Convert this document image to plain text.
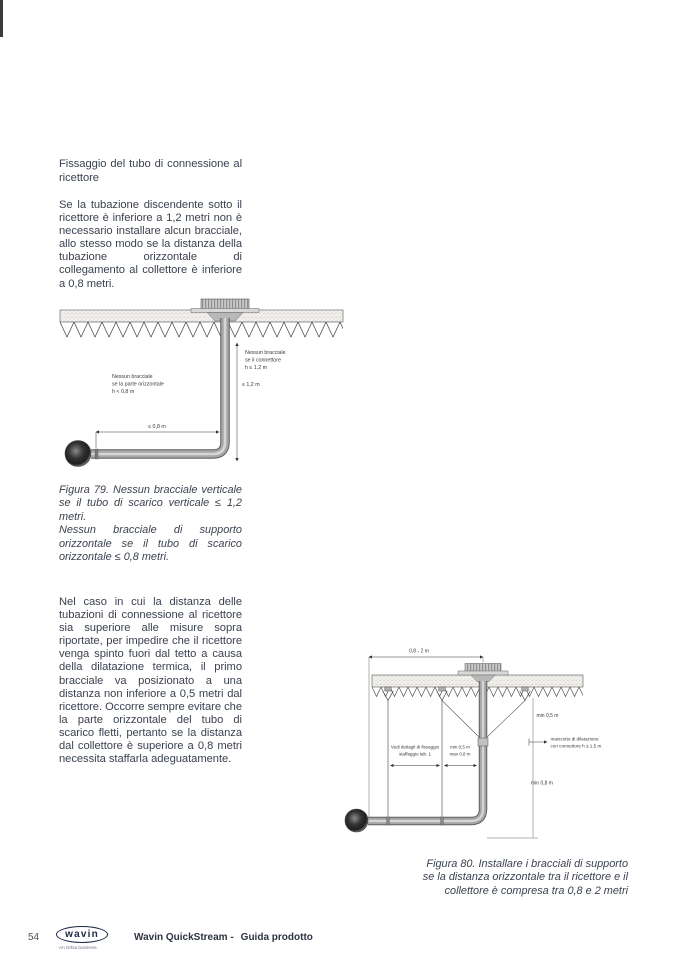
Fissaggio del tubo di connessione al ricettore
Se la tubazione discendente sotto il ricettore è inferiore a 1,2 metri non è necessario installare alcun bracciale, allo stesso modo se la distanza della tubazione orizzontale di collegamento al collettore è inferiore a 0,8 metri.
≤ 1,2 m
Nessun bracciale
se il connettore
h ≤ 1,2 m
Nessun bracciale
se la parte orizzontale
h < 0,8 m
≤ 0,8 m
Figura 79. Nessun bracciale verticale se il tubo di scarico verticale ≤ 1,2 metri.
Nessun bracciale di supporto orizzontale se il tubo di scarico orizzontale ≤ 0,8 metri.
Nel caso in cui la distanza delle tubazioni di connessione al ricettore sia superiore alle misure sopra riportate, per impedire che il ricettore venga spinto fuori dal tetto a causa della dilatazione termica, il primo bracciale va posizionato a una distanza non inferiore a 0,5 metri dal ricettore. Occorre sempre evitare che la parte orizzontale del tubo di scarico fletti, pertanto se la distanza dal collettore è superiore a 0,8 metri necessita staffarla adeguatamente.
0,8 - 2 m
min 0,5 m
manicotto di dilatazione
con connettore h ≥ 1,5 m
min 0,8 m
Vedi dettagli di fissaggio
staffaggio tab. 1
min 0,5 m
max 0,8 m
Figura 80. Installare i bracciali di supporto se la distanza orizzontale tra il ricettore e il collettore è compresa tra 0,8 e 2 metri
54	wavin
An Orbia business.
Wavin QuickStream - Guida prodotto
